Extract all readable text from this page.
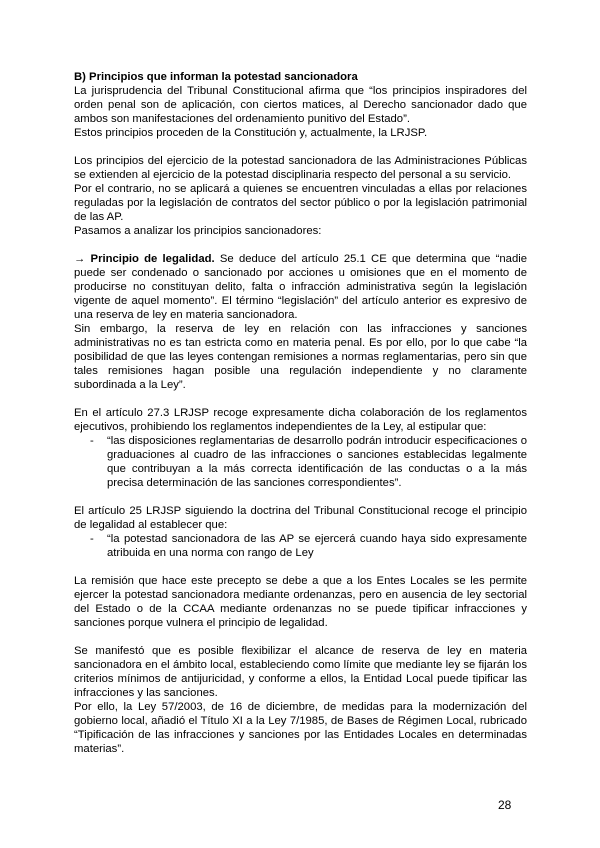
B) Principios que informan la potestad sancionadora

La jurisprudencia del Tribunal Constitucional afirma que “los principios inspiradores del orden penal son de aplicación, con ciertos matices, al Derecho sancionador dado que ambos son manifestaciones del ordenamiento punitivo del Estado”.

Estos principios proceden de la Constitución y, actualmente, la LRJSP.

Los principios del ejercicio de la potestad sancionadora de las Administraciones Públicas se extienden al ejercicio de la potestad disciplinaria respecto del personal a su servicio.

Por el contrario, no se aplicará a quienes se encuentren vinculadas a ellas por relaciones reguladas por la legislación de contratos del sector público o por la legislación patrimonial de las AP.

Pasamos a analizar los principios sancionadores:

→ Principio de legalidad. Se deduce del artículo 25.1 CE que determina que “nadie puede ser condenado o sancionado por acciones u omisiones que en el momento de producirse no constituyan delito, falta o infracción administrativa según la legislación vigente de aquel momento”. El término “legislación” del artículo anterior es expresivo de una reserva de ley en materia sancionadora.

Sin embargo, la reserva de ley en relación con las infracciones y sanciones administrativas no es tan estricta como en materia penal. Es por ello, por lo que cabe “la posibilidad de que las leyes contengan remisiones a normas reglamentarias, pero sin que tales remisiones hagan posible una regulación independiente y no claramente subordinada a la Ley”.

En el artículo 27.3 LRJSP recoge expresamente dicha colaboración de los reglamentos ejecutivos, prohibiendo los reglamentos independientes de la Ley, al estipular que:

-	“las disposiciones reglamentarias de desarrollo podrán introducir especificaciones o graduaciones al cuadro de las infracciones o sanciones establecidas legalmente que contribuyan a la más correcta identificación de las conductas o a la más precisa determinación de las sanciones correspondientes”.

El artículo 25 LRJSP siguiendo la doctrina del Tribunal Constitucional recoge el principio de legalidad al establecer que:

-	“la potestad sancionadora de las AP se ejercerá cuando haya sido expresamente atribuida en una norma con rango de Ley

La remisión que hace este precepto se debe a que a los Entes Locales se les permite ejercer la potestad sancionadora mediante ordenanzas, pero en ausencia de ley sectorial del Estado o de la CCAA mediante ordenanzas no se puede tipificar infracciones y sanciones porque vulnera el principio de legalidad.

Se manifestó que es posible flexibilizar el alcance de reserva de ley en materia sancionadora en el ámbito local, estableciendo como límite que mediante ley se fijarán los criterios mínimos de antijuricidad, y conforme a ellos, la Entidad Local puede tipificar las infracciones y las sanciones.

Por ello, la Ley 57/2003, de 16 de diciembre, de medidas para la modernización del gobierno local, añadió el Título XI a la Ley 7/1985, de Bases de Régimen Local, rubricado “Tipificación de las infracciones y sanciones por las Entidades Locales en determinadas materias”.

28
